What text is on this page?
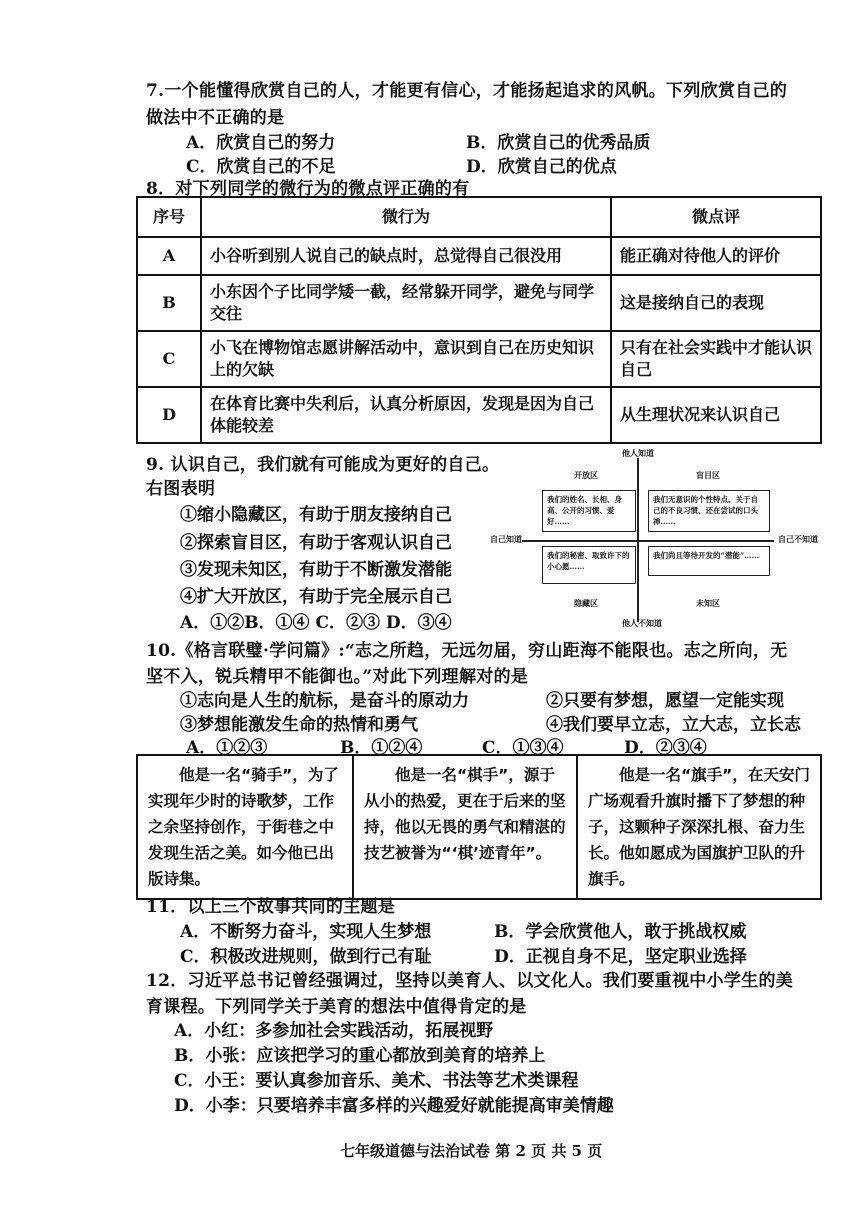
7.一个能懂得欣赏自己的人，才能更有信心，才能扬起追求的风帆。下列欣赏自己的
做法中不正确的是
A．欣赏自己的努力	B．欣赏自己的优秀品质
C．欣赏自己的不足	D．欣赏自己的优点
8．对下列同学的微行为的微点评正确的有
序号	微行为	微点评
A	小谷听到别人说自己的缺点时，总觉得自己很没用	能正确对待他人的评价
B	小东因个子比同学矮一截，经常躲开同学，避免与同学交往	这是接纳自己的表现
C	小飞在博物馆志愿讲解活动中，意识到自己在历史知识上的欠缺	只有在社会实践中才能认识自己
D	在体育比赛中失利后，认真分析原因，发现是因为自己体能较差	从生理状况来认识自己
9. 认识自己，我们就有可能成为更好的自己。
右图表明
①缩小隐藏区，有助于朋友接纳自己
②探索盲目区，有助于客观认识自己
③发现未知区，有助于不断激发潜能
④扩大开放区，有助于完全展示自己
A．①②B．①④ C．②③ D．③④
他人知道
他人不知道
自己知道	自己不知道
开放区	盲目区
隐藏区	未知区
我们的姓名、长相、身高、公开的习惯、爱好……
我们无意识的个性特点、关于自己的不良习惯、还在尝试的口头禅……
我们的秘密、取致许下的小心愿……
我们尚且等待开发的“潜能”……
10.《格言联璧·学问篇》:“志之所趋，无远勿届，穷山距海不能限也。志之所向，无
坚不入，锐兵精甲不能御也。”对此下列理解对的是
①志向是人生的航标，是奋斗的原动力	②只要有梦想，愿望一定能实现
③梦想能激发生命的热情和勇气	④我们要早立志，立大志，立长志
A．①②③	B．①②④	C．①③④	D．②③④
他是一名“骑手”，为了实现年少时的诗歌梦，工作之余坚持创作，于街巷之中发现生活之美。如今他已出版诗集。	他是一名“棋手”，源于从小的热爱，更在于后来的坚持，他以无畏的勇气和精湛的技艺被誉为“‘棋’迹青年”。	他是一名“旗手”，在天安门广场观看升旗时播下了梦想的种子，这颗种子深深扎根、奋力生长。他如愿成为国旗护卫队的升旗手。
11．以上三个故事共同的主题是
A．不断努力奋斗，实现人生梦想	B．学会欣赏他人，敢于挑战权威
C．积极改进规则，做到行己有耻	D．正视自身不足，坚定职业选择
12．习近平总书记曾经强调过，坚持以美育人、以文化人。我们要重视中小学生的美
育课程。下列同学关于美育的想法中值得肯定的是
A．小红：多参加社会实践活动，拓展视野
B．小张：应该把学习的重心都放到美育的培养上
C．小王：要认真参加音乐、美术、书法等艺术类课程
D．小李：只要培养丰富多样的兴趣爱好就能提高审美情趣
七年级道德与法治试卷 第 2 页 共 5 页
